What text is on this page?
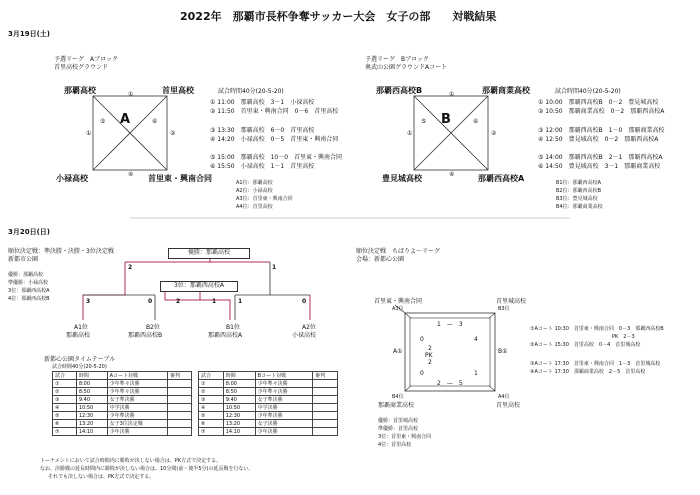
2022年　那覇市長杯争奪サッカー大会　女子の部　　対戦結果
3月19日(土)
予選リーグ　Aブロック
首里高校グラウンド
那覇高校	首里高校
小禄高校	首里東・興南合同
A
①
②
④
①
⑤	⑥
試合時間40分(20-5-20)
① 11:00　那覇高校　3－1　小禄高校
② 11:50　首里東・興南合同　0－6　首里高校
③ 13:30　那覇高校　6－0　首里高校
④ 14:20　小禄高校　0－5　首里東・興南合同
⑤ 15:00　那覇高校　10－0　首里東・興南合同
⑥ 15:50　小禄高校　1－1　首里高校
A1位：那覇高校
A2位：小禄高校
A3位：首里東・興南合同
A4位：首里高校
予選リーグ　Bブロック
奥武山公園グラウンドAコート
那覇西高校B	那覇商業高校
豊見城高校	那覇西高校A
B
①
②
④
①
⑤	⑥
試合時間40分(20-5-20)
① 10:00　那覇西高校B　0－2　豊見城高校
② 10:50　那覇商業高校　0－2　那覇西高校A
③ 12:00　那覇西高校B　1－0　那覇商業高校
④ 12:50　豊見城高校　0－2　那覇西高校A
⑤ 14:00　那覇西高校B　2－1　那覇西高校A
⑥ 14:50　豊見城高校　3－1　那覇商業高校
B1位：那覇西高校A
B2位：那覇西高校B
B3位：豊見城高校
B4位：那覇商業高校
3月20日(日)
順位決定戦：準決勝・決勝・3位決定戦
新都市公園
優勝：那覇高校
準優勝：小禄高校
3位：那覇西高校A
4位：那覇西高校B
優勝：那覇高校
3位：那覇西高校A
2	1
3	0	2	1	1	0
A1位
那覇高校
B2位
那覇西高校B
B1位
那覇西高校A
A2位
小禄高校
新都心公園タイムテーブル
試合時間40分(20-5-20)
試合	時間	Aコート対戦	審判
①	8:00	少年準々決勝	
②	8:50	少年準々決勝	
③	9:40	女子準決勝	
④	10:50	中学決勝	
⑤	12:30	少年準決勝	
⑥	13:20	女子3位決定戦	
⑦	14:10	少年決勝	
試合	時間	Bコート対戦	審判
①	8:00	少年準々決勝	
②	8:50	少年準々決勝	
③	9:40	女子準決勝	
④	10:50	中学決勝	
⑤	12:30	少年準決勝	
⑥	13:20	女子決勝	
⑦	14:10	少年決勝	
順位決定戦　ちばりよ～リーグ
会場：新都心公園
首里東・興南合同	首里城高校
那覇商業高校	首里高校
A3位	B3位
B4位	A4位
A①	B①
1　—　3
0	4
2
PK
2
0	1
2　—　5
①Aコート 10:30　首里東・興南合同　0－3　那覇西高校B
PK　2－3
②Aコート 15:30　首里高校　0－4　首里城高校
③Aコート 17:30　首里東・興南合同　1－3　首里城高校
④Aコート 17:30　那覇商業高校　2－5　首里高校
優勝：首里城高校
準優勝：首里高校
3位：首里東・興南合同
4位：首里高校
トーナメントにおいて試合時間内に勝敗が決しない場合は、PK方式で決定する。
なお、決勝戦の延長時間内に勝敗が決しない場合は、10分間(前・後半5分)の延長戦を行ない、
それでも決しない場合は、PK方式で決定する。
